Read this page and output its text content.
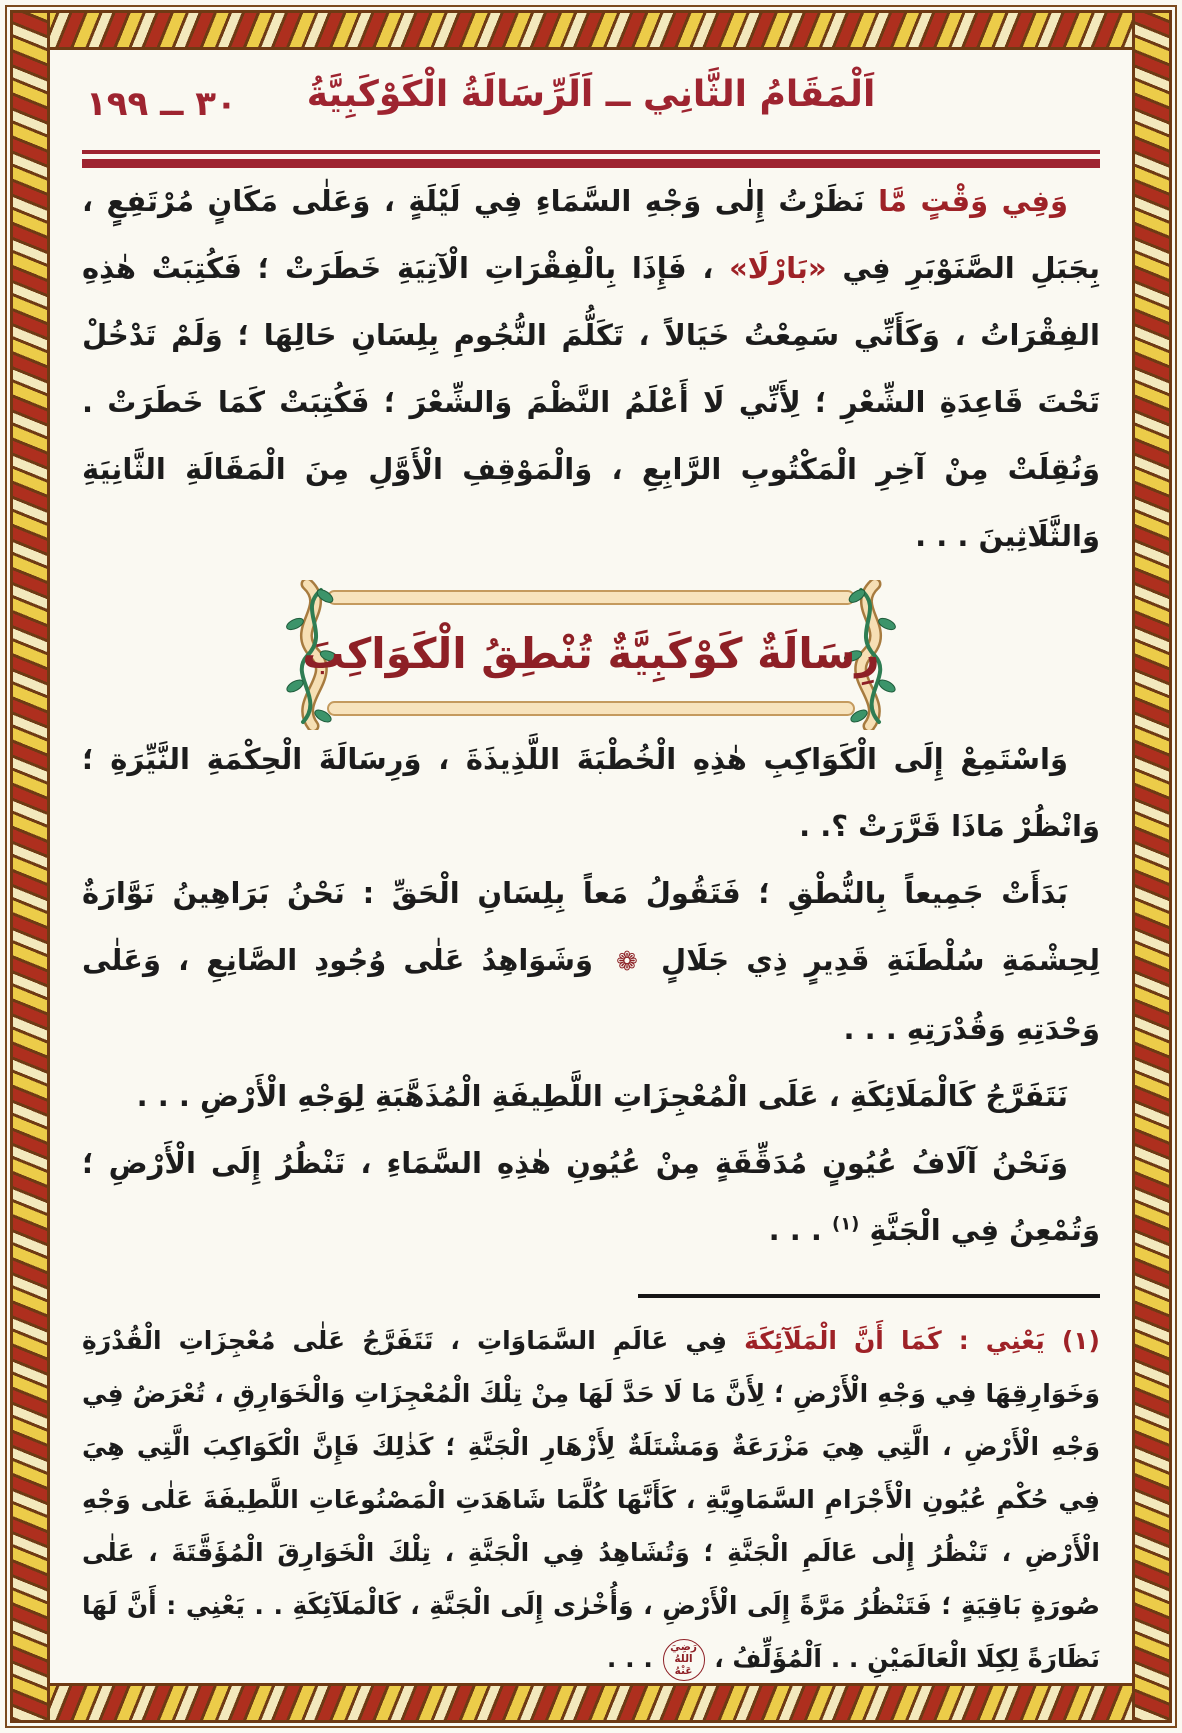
٣٠ ــ ١٩٩	اَلْمَقَامُ الثَّانِي ــ اَلَرِّسَالَةُ الْكَوْكَبِيَّةُ

وَفِي وَقْتٍ مَّا نَظَرْتُ إِلٰى وَجْهِ السَّمَاءِ فِي لَيْلَةٍ ، وَعَلٰى مَكَانٍ مُرْتَفِعٍ ، بِجَبَلِ الصَّنَوْبَرِ فِي «بَارْلَا» ، فَإِذَا بِالْفِقْرَاتِ الْآتِيَةِ خَطَرَتْ ؛ فَكُتِبَتْ هٰذِهِ الفِقْرَاتُ ، وَكَأَنِّي سَمِعْتُ خَيَالاً ، تَكَلُّمَ النُّجُومِ بِلِسَانِ حَالِهَا ؛ وَلَمْ تَدْخُلْ تَحْتَ قَاعِدَةِ الشِّعْرِ ؛ لِأَنِّي لَا أَعْلَمُ النَّظْمَ وَالشِّعْرَ ؛ فَكُتِبَتْ كَمَا خَطَرَتْ . وَنُقِلَتْ مِنْ آخِرِ الْمَكْتُوبِ الرَّابِعِ ، وَالْمَوْقِفِ الْأَوَّلِ مِنَ الْمَقَالَةِ الثَّانِيَةِ وَالثَّلَاثِينَ . . .

رِسَالَةٌ كَوْكَبِيَّةٌ تُنْطِقُ الْكَوَاكِبَ

وَاسْتَمِعْ إِلَى الْكَوَاكِبِ هٰذِهِ الْخُطْبَةَ اللَّذِيذَةَ ، وَرِسَالَةَ الْحِكْمَةِ النَّيِّرَةِ ؛ وَانْظُرْ مَاذَا قَرَّرَتْ ؟. .

بَدَأَتْ جَمِيعاً بِالنُّطْقِ ؛ فَتَقُولُ مَعاً بِلِسَانِ الْحَقِّ : نَحْنُ بَرَاهِينُ نَوَّارَةٌ لِحِشْمَةِ سُلْطَنَةِ قَدِيرٍ ذِي جَلَالٍ ❁ وَشَوَاهِدُ عَلٰى وُجُودِ الصَّانِعِ ، وَعَلٰى وَحْدَتِهِ وَقُدْرَتِهِ . . .

نَتَفَرَّجُ كَالْمَلَائِكَةِ ، عَلَى الْمُعْجِزَاتِ اللَّطِيفَةِ الْمُذَهَّبَةِ لِوَجْهِ الْأَرْضِ . . .

وَنَحْنُ آلَافُ عُيُونٍ مُدَقِّقَةٍ مِنْ عُيُونِ هٰذِهِ السَّمَاءِ ، تَنْظُرُ إِلَى الْأَرْضِ ؛ وَتُمْعِنُ فِي الْجَنَّةِ $^{(١)}$ . . .

(١) يَعْنِي : كَمَا أَنَّ الْمَلَآئِكَةَ فِي عَالَمِ السَّمَاوَاتِ ، تَتَفَرَّجُ عَلٰى مُعْجِزَاتِ الْقُدْرَةِ وَخَوَارِقِهَا فِي وَجْهِ الْأَرْضِ ؛ لِأَنَّ مَا لَا حَدَّ لَهَا مِنْ تِلْكَ الْمُعْجِزَاتِ وَالْخَوَارِقِ ، تُعْرَضُ فِي وَجْهِ الْأَرْضِ ، الَّتِي هِيَ مَزْرَعَةٌ وَمَشْتَلَةٌ لِأَزْهَارِ الْجَنَّةِ ؛ كَذٰلِكَ فَإِنَّ الْكَوَاكِبَ الَّتِي هِيَ فِي حُكْمِ عُيُونِ الْأَجْرَامِ السَّمَاوِيَّةِ ، كَأَنَّهَا كُلَّمَا شَاهَدَتِ الْمَصْنُوعَاتِ اللَّطِيفَةَ عَلٰى وَجْهِ الْأَرْضِ ، تَنْظُرُ إِلٰى عَالَمِ الْجَنَّةِ ؛ وَتُشَاهِدُ فِي الْجَنَّةِ ، تِلْكَ الْخَوَارِقَ الْمُؤَقَّتَةَ ، عَلٰى صُورَةٍ بَاقِيَةٍ ؛ فَتَنْظُرُ مَرَّةً إِلَى الْأَرْضِ ، وَأُخْرٰى إِلَى الْجَنَّةِ ، كَالْمَلَآئِكَةِ . . يَعْنِي : أَنَّ لَهَا نَظَارَةً لِكِلَا الْعَالَمَيْنِ . . اَلْمُؤَلِّفُ ، رَضِيَ اللهُ عَنْهُ . . .
